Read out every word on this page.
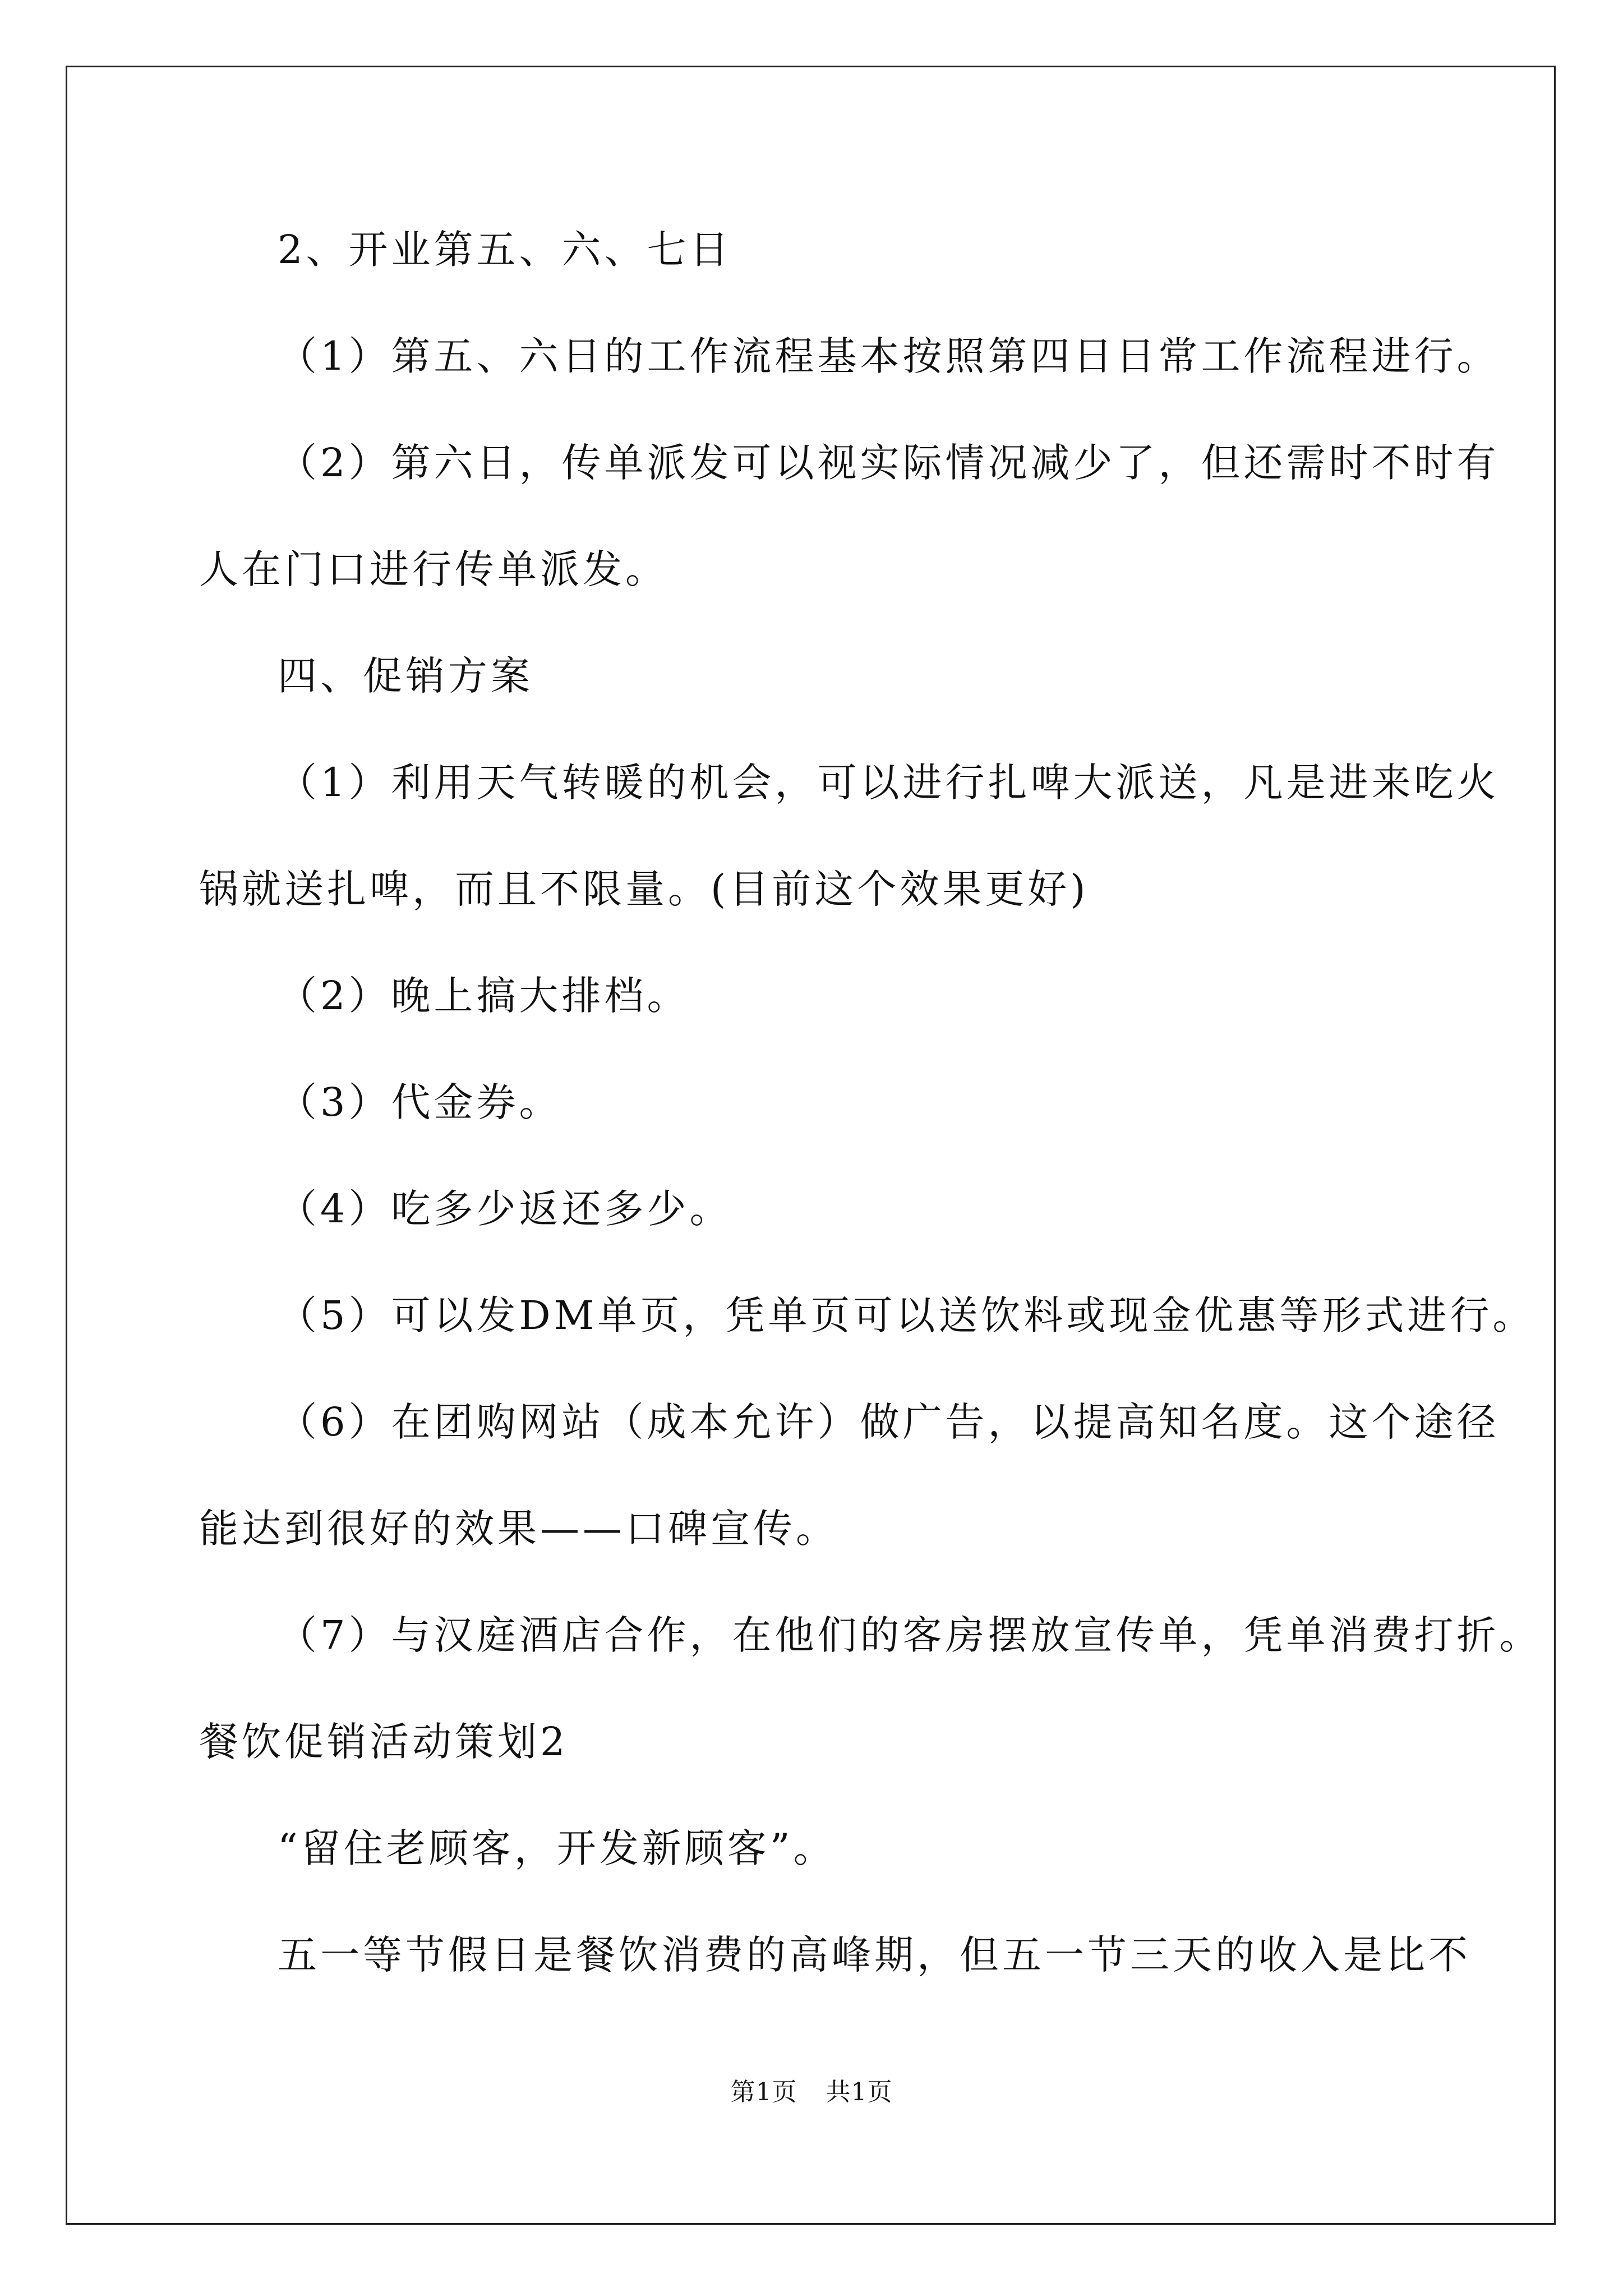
2、开业第五、六、七日
（1）第五、六日的工作流程基本按照第四日日常工作流程进行。
（2）第六日，传单派发可以视实际情况减少了，但还需时不时有
人在门口进行传单派发。
四、促销方案
（1）利用天气转暖的机会，可以进行扎啤大派送，凡是进来吃火
锅就送扎啤，而且不限量。(目前这个效果更好)
（2）晚上搞大排档。
（3）代金券。
（4）吃多少返还多少。
（5）可以发DM单页，凭单页可以送饮料或现金优惠等形式进行。
（6）在团购网站（成本允许）做广告，以提高知名度。这个途径
能达到很好的效果——口碑宣传。
（7）与汉庭酒店合作，在他们的客房摆放宣传单，凭单消费打折。
餐饮促销活动策划2
“留住老顾客，开发新顾客”。
五一等节假日是餐饮消费的高峰期，但五一节三天的收入是比不
第1页 共1页
